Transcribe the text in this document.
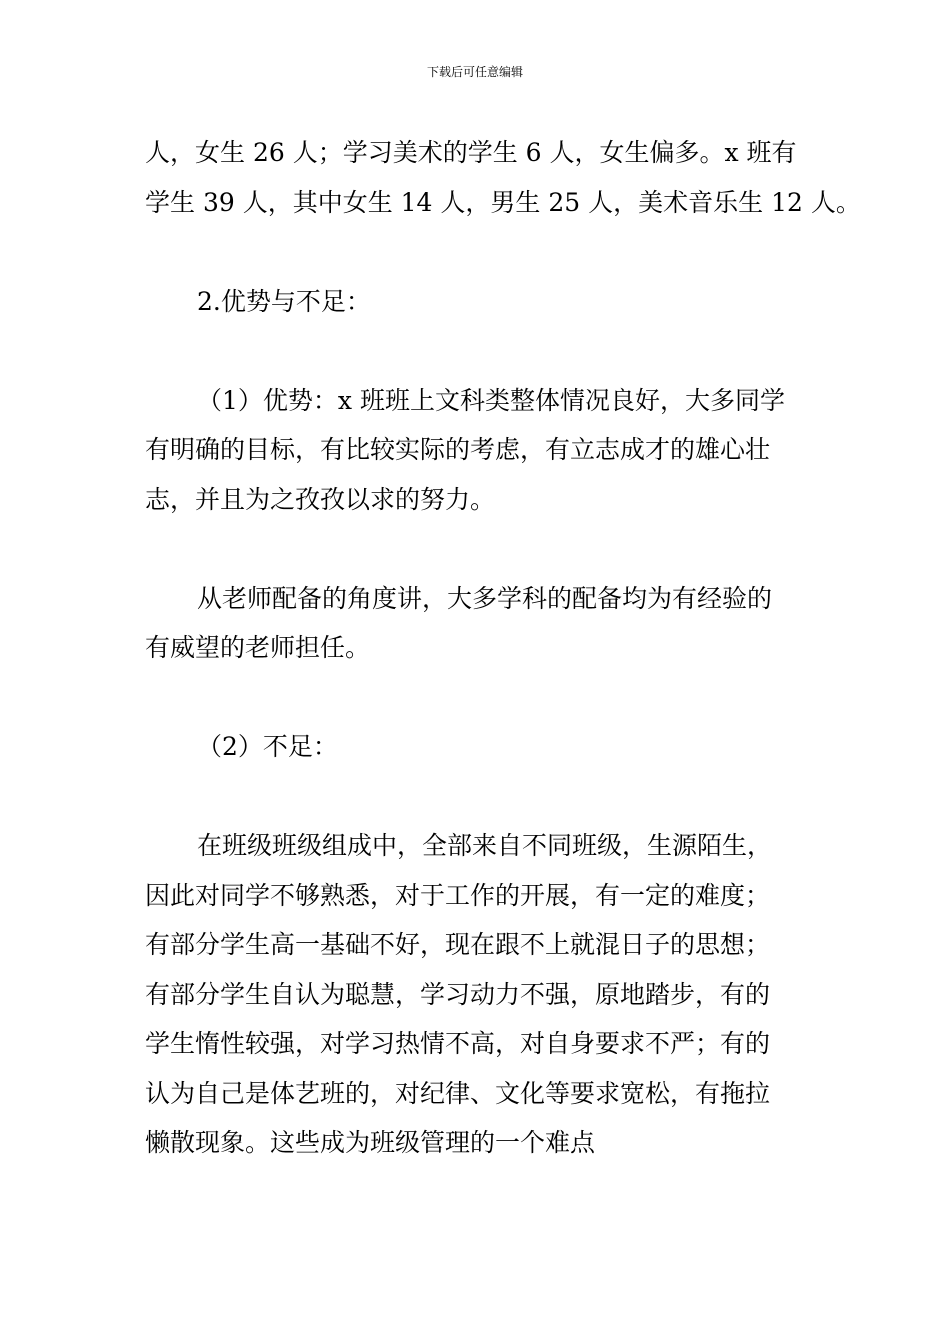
下载后可任意编辑
人，女生 26 人；学习美术的学生 6 人，女生偏多。x 班有
学生 39 人，其中女生 14 人，男生 25 人，美术音乐生 12 人。
2.优势与不足：
（1）优势：x 班班上文科类整体情况良好，大多同学
有明确的目标，有比较实际的考虑，有立志成才的雄心壮
志，并且为之孜孜以求的努力。
从老师配备的角度讲，大多学科的配备均为有经验的
有威望的老师担任。
（2）不足：
在班级班级组成中，全部来自不同班级，生源陌生，
因此对同学不够熟悉，对于工作的开展，有一定的难度；
有部分学生高一基础不好，现在跟不上就混日子的思想；
有部分学生自认为聪慧，学习动力不强，原地踏步，有的
学生惰性较强，对学习热情不高，对自身要求不严；有的
认为自己是体艺班的，对纪律、文化等要求宽松，有拖拉
懒散现象。这些成为班级管理的一个难点
